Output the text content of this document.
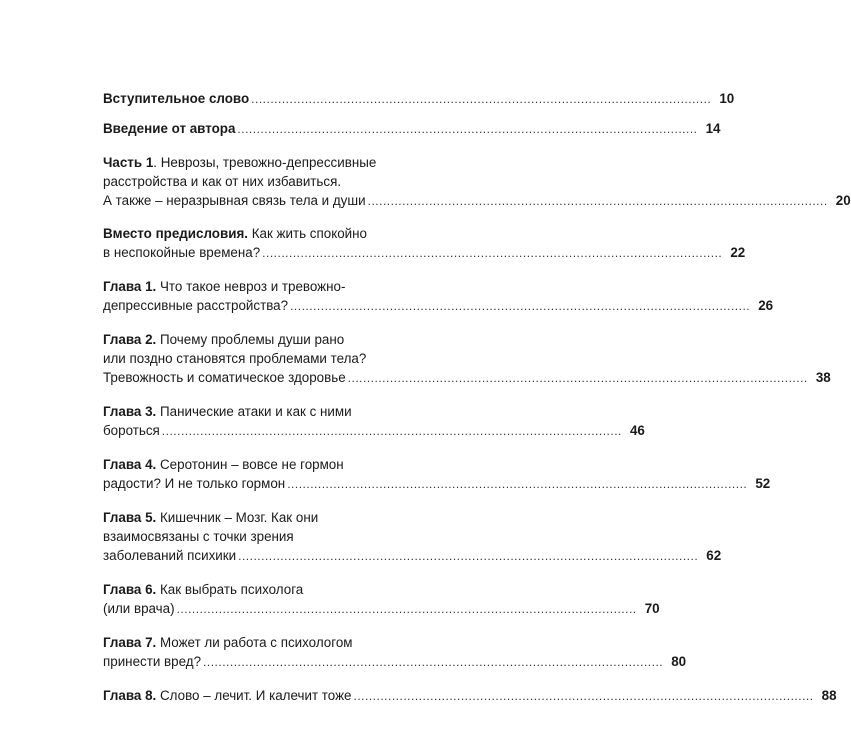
Вступительное слово ........................................................................................................................ 10
Введение от автора ........................................................................................................................ 14
Часть 1. Неврозы, тревожно-депрессивные
расстройства и как от них избавиться.
А также – неразрывная связь тела и души ........................................................................................................................ 20
Вместо предисловия. Как жить спокойно
в неспокойные времена? ........................................................................................................................ 22
Глава 1. Что такое невроз и тревожно-
депрессивные расстройства? ........................................................................................................................ 26
Глава 2. Почему проблемы души рано
или поздно становятся проблемами тела?
Тревожность и соматическое здоровье ........................................................................................................................ 38
Глава 3. Панические атаки и как с ними
бороться ........................................................................................................................ 46
Глава 4. Серотонин – вовсе не гормон
радости? И не только гормон ........................................................................................................................ 52
Глава 5. Кишечник – Мозг. Как они
взаимосвязаны с точки зрения
заболеваний психики ........................................................................................................................ 62
Глава 6. Как выбрать психолога
(или врача) ........................................................................................................................ 70
Глава 7. Может ли работа с психологом
принести вред? ........................................................................................................................ 80
Глава 8. Слово – лечит. И калечит тоже ........................................................................................................................ 88
